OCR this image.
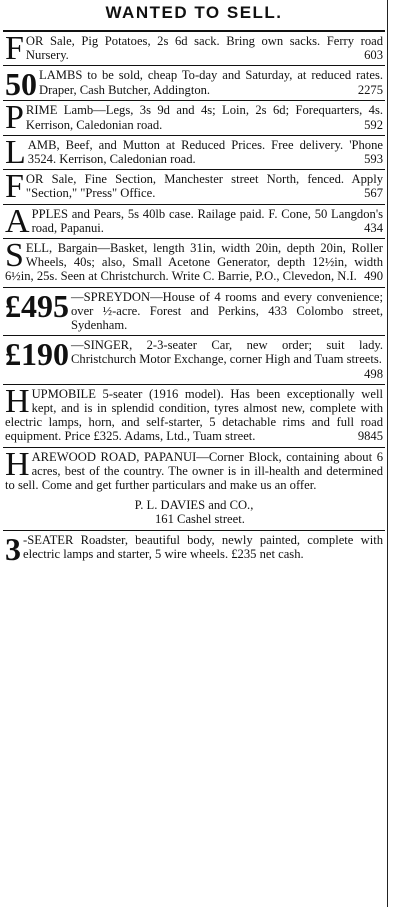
WANTED TO SELL.
F OR Sale, Pig Potatoes, 2s 6d sack. Bring own sacks. Ferry road Nursery.	603
50 LAMBS to be sold, cheap To-day and Saturday, at reduced rates. Draper, Cash Butcher, Addington.	2275
P RIME Lamb—Legs, 3s 9d and 4s; Loin, 2s 6d; Forequarters, 4s. Kerrison, Caledonian road.	592
L AMB, Beef, and Mutton at Reduced Prices. Free delivery. 'Phone 3524. Kerrison, Caledonian road.	593
F OR Sale, Fine Section, Manchester street North, fenced. Apply "Section," "Press" Office.	567
A PPLES and Pears, 5s 40lb case. Railage paid. F. Cone, 50 Langdon's road, Papanui.	434
S ELL, Bargain—Basket, length 31in, width 20in, depth 20in, Roller Wheels, 40s; also, Small Acetone Generator, depth 12½in, width 6½in, 25s. Seen at Christchurch. Write C. Barrie, P.O., Clevedon, N.I. 490
£495 —SPREYDON—House of 4 rooms and every convenience; over ½-acre. Forest and Perkins, 433 Colombo street, Sydenham.
£190 —SINGER, 2-3-seater Car, new order; suit lady. Christchurch Motor Exchange, corner High and Tuam streets.
498
H UPMOBILE 5-seater (1916 model). Has been exceptionally well kept, and is in splendid condition, tyres almost new, complete with electric lamps, horn, and self-starter, 5 detachable rims and full road equipment. Price £325. Adams, Ltd., Tuam street.	9845
H AREWOOD ROAD, PAPANUI—Corner Block, containing about 6 acres, best of the country. The owner is in ill-health and determined to sell. Come and get further particulars and make us an offer.
P. L. DAVIES and CO.,
161 Cashel street.
3 -SEATER Roadster, beautiful body, newly painted, complete with electric lamps and starter, 5 wire wheels. £235 net cash.
